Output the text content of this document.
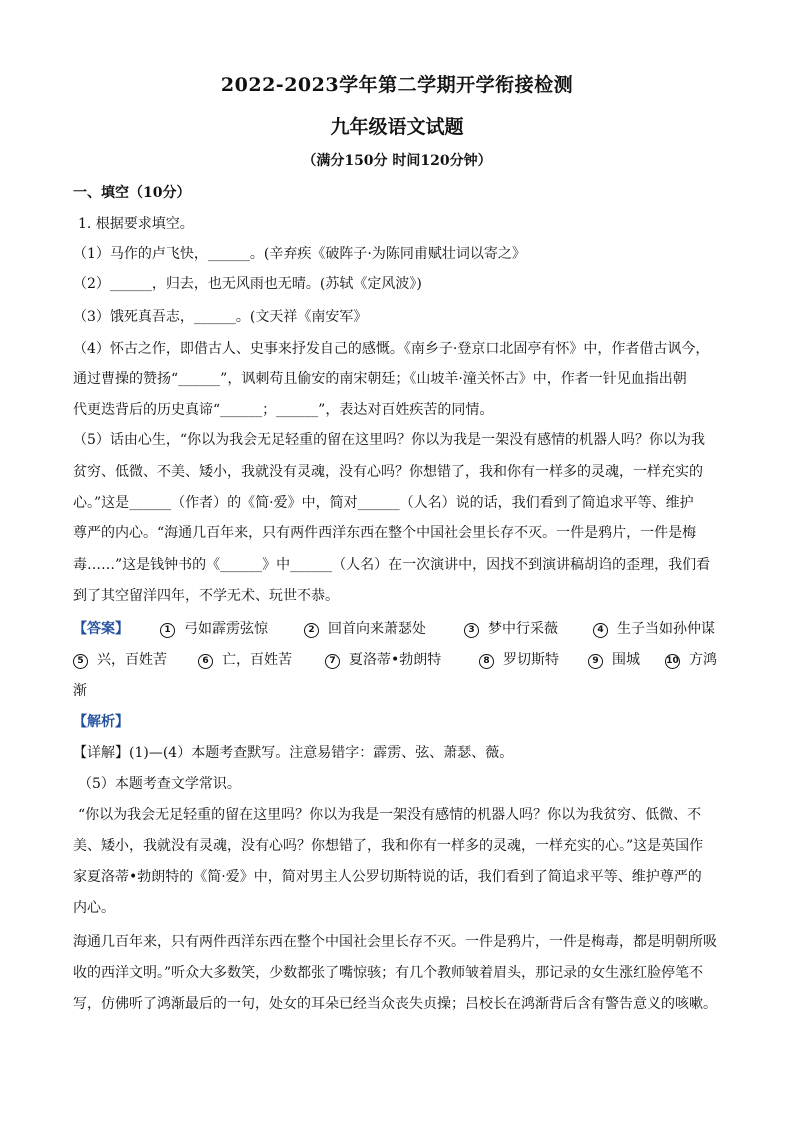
2022-2023学年第二学期开学衔接检测
九年级语文试题
（满分150分 时间120分钟）
一、填空（10分）
1. 根据要求填空。
（1）马作的卢飞快，______。(辛弃疾《破阵子·为陈同甫赋壮词以寄之》
（2）______，归去，也无风雨也无晴。(苏轼《定风波》)
（3）饿死真吾志，______。(文天祥《南安军》
（4）怀古之作，即借古人、史事来抒发自己的感慨。《南乡子·登京口北固亭有怀》中，作者借古讽今，
通过曹操的赞扬“______”，讽刺苟且偷安的南宋朝廷；《山坡羊·潼关怀古》中，作者一针见血指出朝
代更迭背后的历史真谛“______；______”，表达对百姓疾苦的同情。
（5）话由心生，“你以为我会无足轻重的留在这里吗？你以为我是一架没有感情的机器人吗？你以为我
贫穷、低微、不美、矮小，我就没有灵魂，没有心吗？你想错了，我和你有一样多的灵魂，一样充实的
心。”这是______（作者）的《简·爱》中，简对______（人名）说的话，我们看到了简追求平等、维护
尊严的内心。“海通几百年来，只有两件西洋东西在整个中国社会里长存不灭。一件是鸦片，一件是梅
毒……”这是钱钟书的《______》中______（人名）在一次演讲中，因找不到演讲稿胡诌的歪理，我们看
到了其空留洋四年，不学无术、玩世不恭。
【答案】	1 弓如霹雳弦惊	2 回首向来萧瑟处	3 梦中行采薇	4 生子当如孙仲谋
5 兴，百姓苦	6 亡，百姓苦	7 夏洛蒂•勃朗特	8 罗切斯特	9 围城	10 方鸿
渐
【解析】
【详解】(1)—(4）本题考查默写。注意易错字：霹雳、弦、萧瑟、薇。
（5）本题考查文学常识。
“你以为我会无足轻重的留在这里吗？你以为我是一架没有感情的机器人吗？你以为我贫穷、低微、不
美、矮小，我就没有灵魂，没有心吗？你想错了，我和你有一样多的灵魂，一样充实的心。”这是英国作
家夏洛蒂•勃朗特的《简·爱》中，简对男主人公罗切斯特说的话，我们看到了简追求平等、维护尊严的
内心。
海通几百年来，只有两件西洋东西在整个中国社会里长存不灭。一件是鸦片，一件是梅毒，都是明朝所吸
收的西洋文明。”听众大多数笑，少数都张了嘴惊骇；有几个教师皱着眉头，那记录的女生涨红脸停笔不
写，仿佛听了鸿渐最后的一句，处女的耳朵已经当众丧失贞操；吕校长在鸿渐背后含有警告意义的咳嗽。
